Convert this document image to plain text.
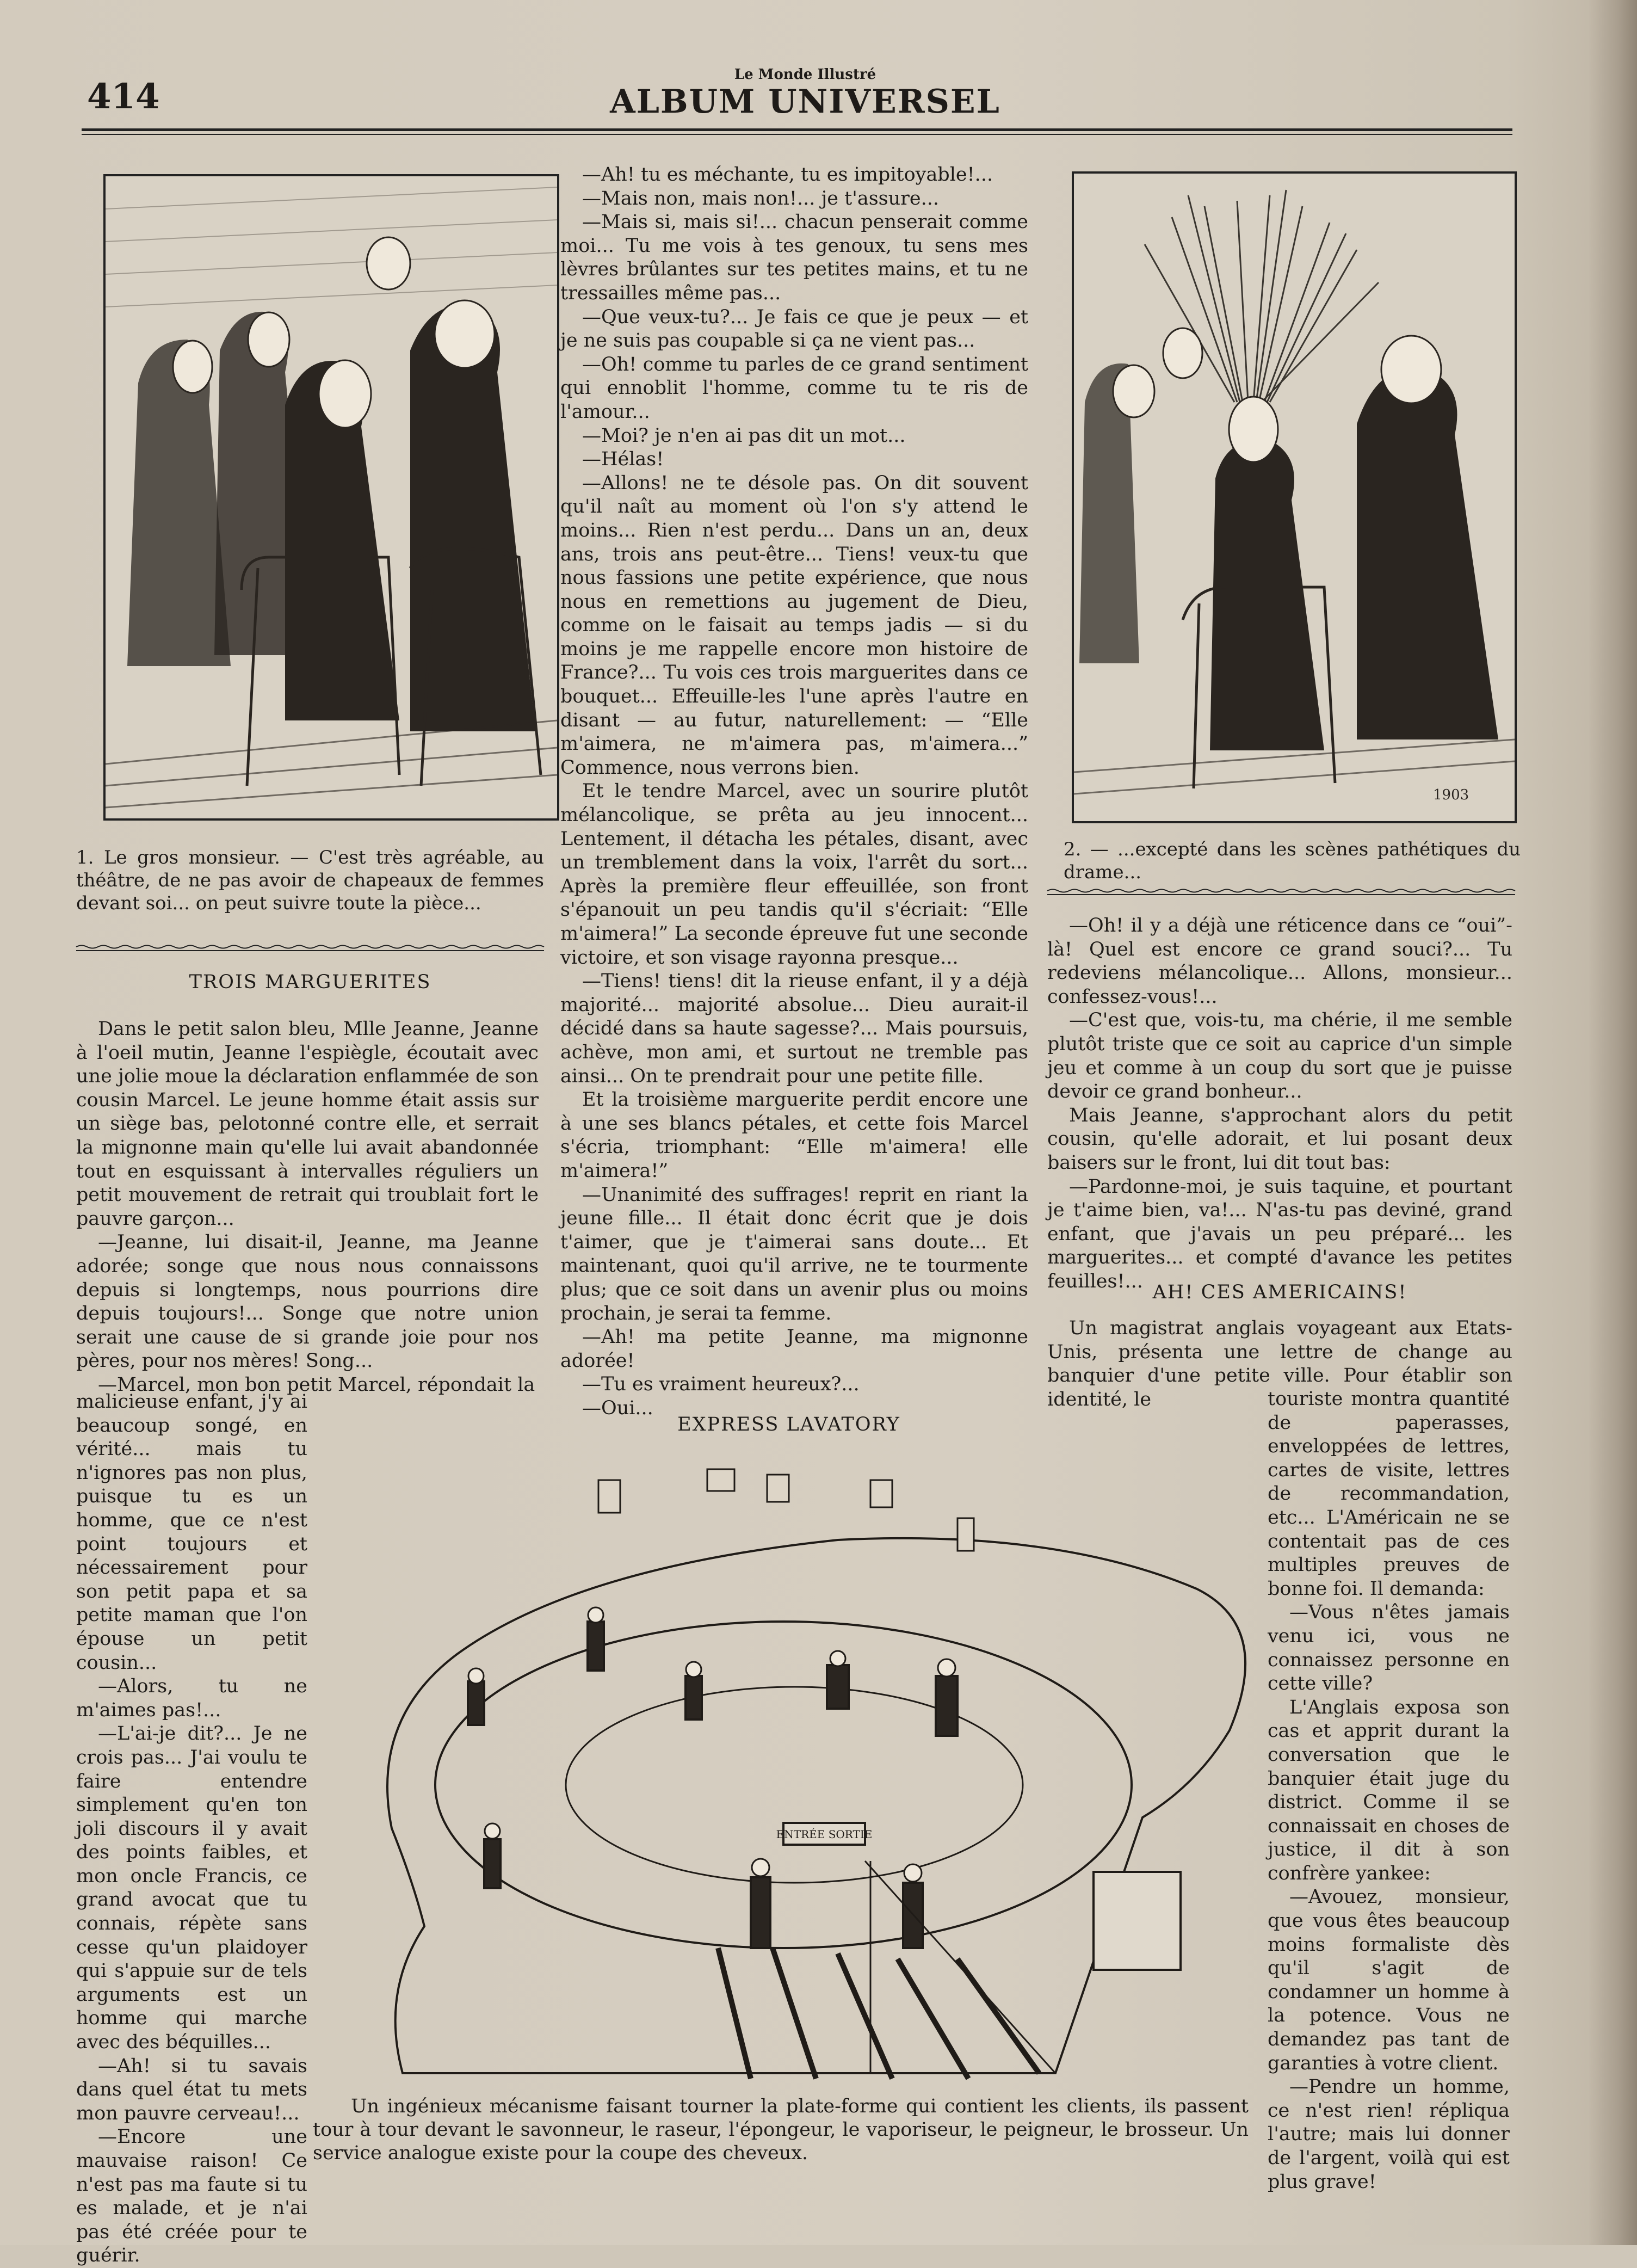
414
Le Monde Illustré
ALBUM UNIVERSEL
1. Le gros monsieur. — C'est très agréable, au théâtre, de ne pas avoir de chapeaux de femmes devant soi... on peut suivre toute la pièce...
TROIS MARGUERITES

Dans le petit salon bleu, Mlle Jeanne, Jeanne à l'oeil mutin, Jeanne l'espiègle, écoutait avec une jolie moue la déclaration enflammée de son cousin Marcel. Le jeune homme était assis sur un siège bas, pelotonné contre elle, et serrait la mignonne main qu'elle lui avait abandonnée tout en esquissant à intervalles réguliers un petit mouvement de retrait qui troublait fort le pauvre garçon...

—Jeanne, lui disait-il, Jeanne, ma Jeanne adorée; songe que nous nous connaissons depuis si longtemps, nous pourrions dire depuis toujours!... Songe que notre union serait une cause de si grande joie pour nos pères, pour nos mères! Song...

—Marcel, mon bon petit Marcel, répondait la

malicieuse enfant, j'y ai beaucoup songé, en vérité... mais tu n'ignores pas non plus, puisque tu es un homme, que ce n'est point toujours et nécessairement pour son petit papa et sa petite maman que l'on épouse un petit cousin...

—Alors, tu ne m'aimes pas!...

—L'ai-je dit?... Je ne crois pas... J'ai voulu te faire entendre simplement qu'en ton joli discours il y avait des points faibles, et mon oncle Francis, ce grand avocat que tu connais, répète sans cesse qu'un plaidoyer qui s'appuie sur de tels arguments est un homme qui marche avec des béquilles...

—Ah! si tu savais dans quel état tu mets mon pauvre cerveau!...

—Encore une mauvaise raison! Ce n'est pas ma faute si tu es malade, et je n'ai pas été créée pour te guérir.

—Ah! tu es méchante, tu es impitoyable!...

—Mais non, mais non!... je t'assure...

—Mais si, mais si!... chacun penserait comme moi... Tu me vois à tes genoux, tu sens mes lèvres brûlantes sur tes petites mains, et tu ne tressailles même pas...

—Que veux-tu?... Je fais ce que je peux — et je ne suis pas coupable si ça ne vient pas...

—Oh! comme tu parles de ce grand sentiment qui ennoblit l'homme, comme tu te ris de l'amour...

—Moi? je n'en ai pas dit un mot...

—Hélas!

—Allons! ne te désole pas. On dit souvent qu'il naît au moment où l'on s'y attend le moins... Rien n'est perdu... Dans un an, deux ans, trois ans peut-être... Tiens! veux-tu que nous fassions une petite expérience, que nous nous en remettions au jugement de Dieu, comme on le faisait au temps jadis — si du moins je me rappelle encore mon histoire de France?... Tu vois ces trois marguerites dans ce bouquet... Effeuille-les l'une après l'autre en disant — au futur, naturellement: — “Elle m'aimera, ne m'aimera pas, m'aimera...” Commence, nous verrons bien.

Et le tendre Marcel, avec un sourire plutôt mélancolique, se prêta au jeu innocent... Lentement, il détacha les pétales, disant, avec un tremblement dans la voix, l'arrêt du sort... Après la première fleur effeuillée, son front s'épanouit un peu tandis qu'il s'écriait: “Elle m'aimera!” La seconde épreuve fut une seconde victoire, et son visage rayonna presque...

—Tiens! tiens! dit la rieuse enfant, il y a déjà majorité... majorité absolue... Dieu aurait-il décidé dans sa haute sagesse?... Mais poursuis, achève, mon ami, et surtout ne tremble pas ainsi... On te prendrait pour une petite fille.

Et la troisième marguerite perdit encore une à une ses blancs pétales, et cette fois Marcel s'écria, triomphant: “Elle m'aimera! elle m'aimera!”

—Unanimité des suffrages! reprit en riant la jeune fille... Il était donc écrit que je dois t'aimer, que je t'aimerai sans doute... Et maintenant, quoi qu'il arrive, ne te tourmente plus; que ce soit dans un avenir plus ou moins prochain, je serai ta femme.

—Ah! ma petite Jeanne, ma mignonne adorée!

—Tu es vraiment heureux?...

—Oui...

1903
2. — ...excepté dans les scènes pathétiques du drame...

—Oh! il y a déjà une réticence dans ce “oui”-là! Quel est encore ce grand souci?... Tu redeviens mélancolique... Allons, monsieur... confessez-vous!...

—C'est que, vois-tu, ma chérie, il me semble plutôt triste que ce soit au caprice d'un simple jeu et comme à un coup du sort que je puisse devoir ce grand bonheur...

Mais Jeanne, s'approchant alors du petit cousin, qu'elle adorait, et lui posant deux baisers sur le front, lui dit tout bas:

—Pardonne-moi, je suis taquine, et pourtant je t'aime bien, va!... N'as-tu pas deviné, grand enfant, que j'avais un peu préparé... les marguerites... et compté d'avance les petites feuilles!...

AH! CES AMERICAINS!

Un magistrat anglais voyageant aux Etats-Unis, présenta une lettre de change au banquier d'une petite ville. Pour établir son identité, le	touriste montra quantité de paperasses, enveloppées de lettres, cartes de visite, lettres de recommandation, etc... L'Américain ne se contentait pas de ces multiples preuves de bonne foi. Il demanda:

—Vous n'êtes jamais venu ici, vous ne connaissez personne en cette ville?

L'Anglais exposa son cas et apprit durant la conversation que le banquier était juge du district. Comme il se connaissait en choses de justice, il dit à son confrère yankee:

—Avouez, monsieur, que vous êtes beaucoup moins formaliste dès qu'il s'agit de condamner un homme à la potence. Vous ne demandez pas tant de garanties à votre client.

—Pendre un homme, ce n'est rien! répliqua l'autre; mais lui donner de l'argent, voilà qui est plus grave!

EXPRESS LAVATORY
ENTRÉE SORTIE
Un ingénieux mécanisme faisant tourner la plate-forme qui contient les clients, ils passent tour à tour devant le savonneur, le raseur, l'épongeur, le vaporiseur, le peigneur, le brosseur. Un service analogue existe pour la coupe des cheveux.
